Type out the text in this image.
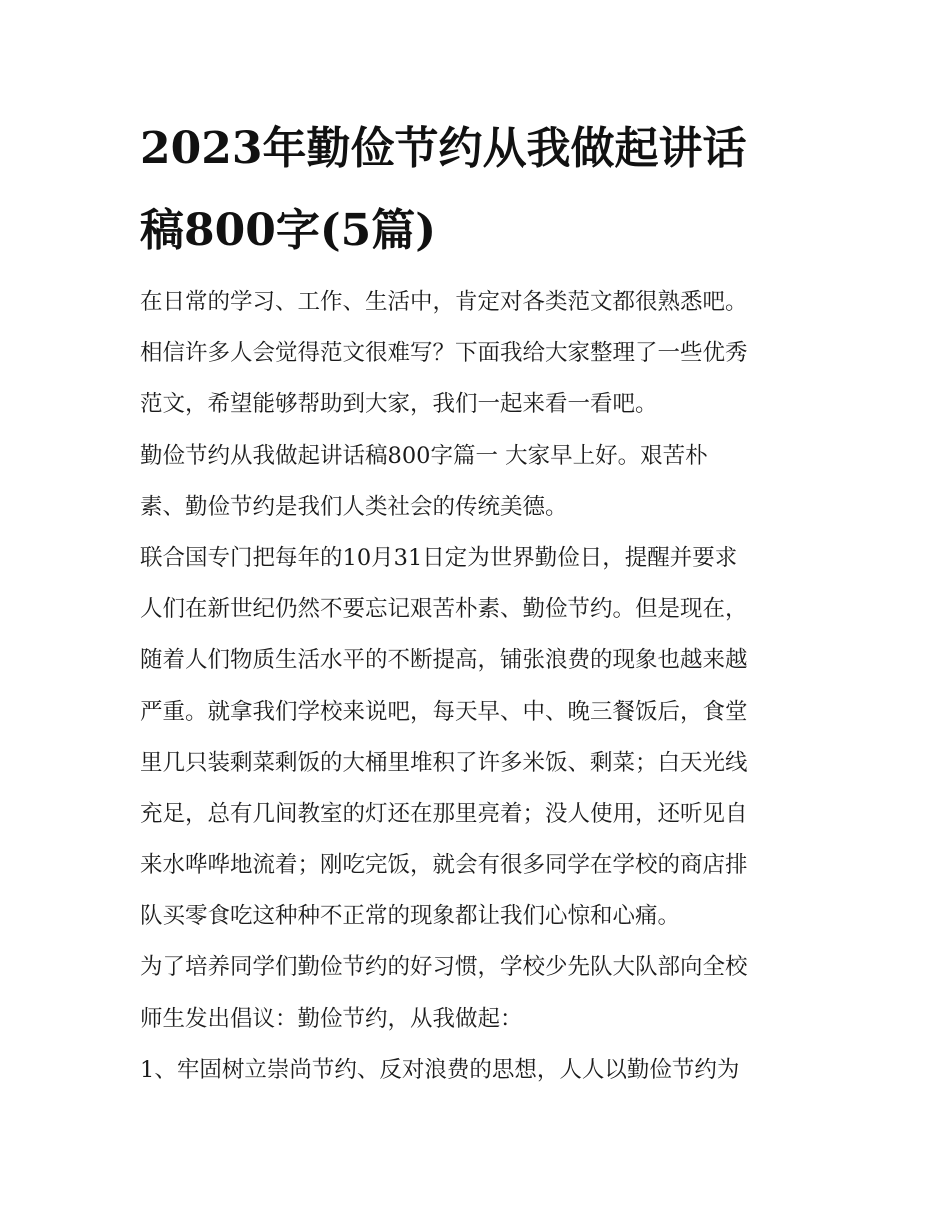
2023年勤俭节约从我做起讲话
稿800字(5篇)
在日常的学习、工作、生活中，肯定对各类范文都很熟悉吧。
相信许多人会觉得范文很难写？下面我给大家整理了一些优秀
范文，希望能够帮助到大家，我们一起来看一看吧。
勤俭节约从我做起讲话稿800字篇一 大家早上好。艰苦朴
素、勤俭节约是我们人类社会的传统美德。
联合国专门把每年的10月31日定为世界勤俭日，提醒并要求
人们在新世纪仍然不要忘记艰苦朴素、勤俭节约。但是现在，
随着人们物质生活水平的不断提高，铺张浪费的现象也越来越
严重。就拿我们学校来说吧，每天早、中、晚三餐饭后，食堂
里几只装剩菜剩饭的大桶里堆积了许多米饭、剩菜；白天光线
充足，总有几间教室的灯还在那里亮着；没人使用，还听见自
来水哗哗地流着；刚吃完饭，就会有很多同学在学校的商店排
队买零食吃这种种不正常的现象都让我们心惊和心痛。
为了培养同学们勤俭节约的好习惯，学校少先队大队部向全校
师生发出倡议：勤俭节约，从我做起：
1、牢固树立崇尚节约、反对浪费的思想，人人以勤俭节约为
